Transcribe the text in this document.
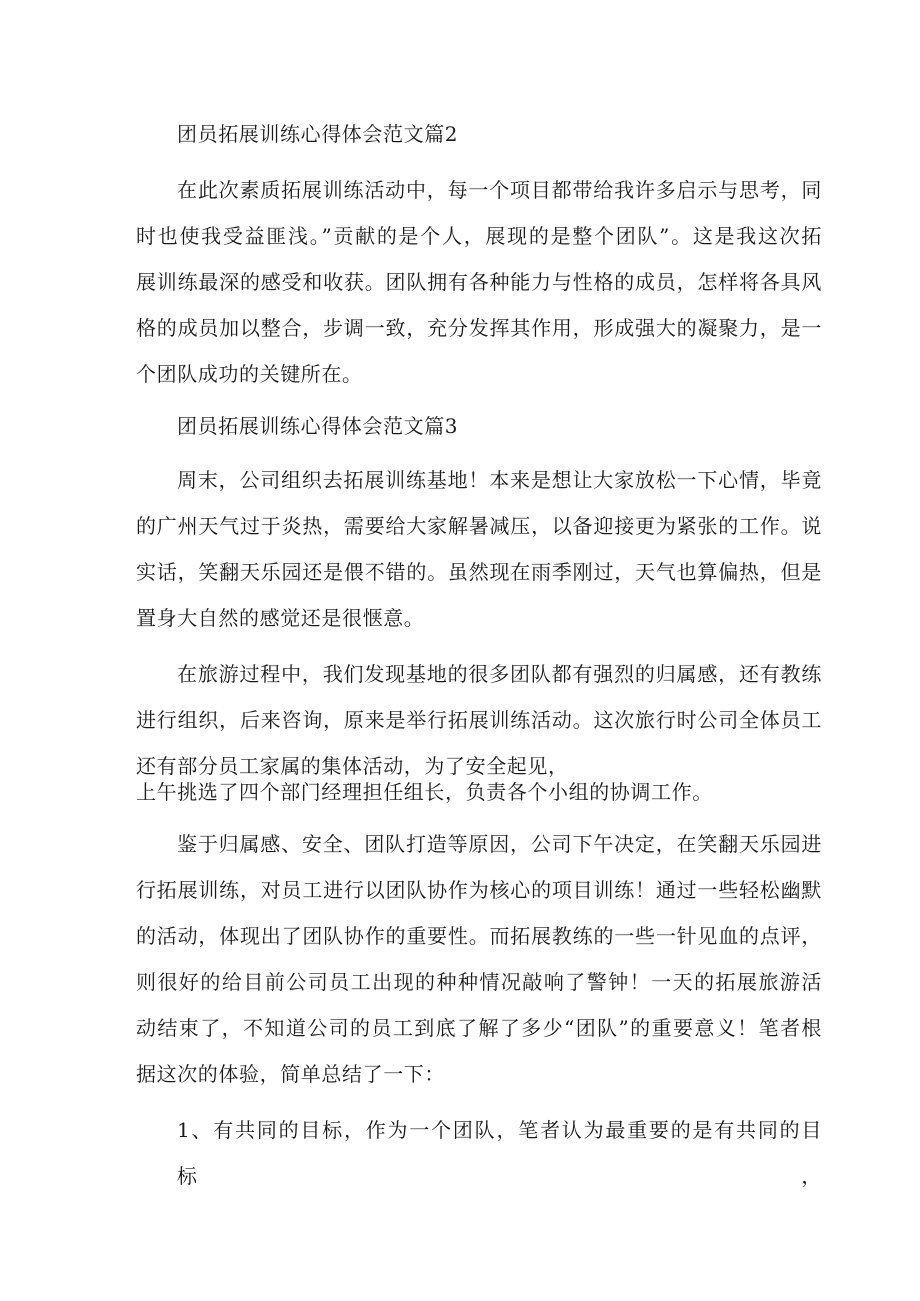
团员拓展训练心得体会范文篇2
在此次素质拓展训练活动中，每一个项目都带给我许多启示与思考，同
时也使我受益匪浅。”贡献的是个人，展现的是整个团队”。这是我这次拓
展训练最深的感受和收获。团队拥有各种能力与性格的成员，怎样将各具风
格的成员加以整合，步调一致，充分发挥其作用，形成强大的凝聚力，是一
个团队成功的关键所在。
团员拓展训练心得体会范文篇3
周末，公司组织去拓展训练基地！本来是想让大家放松一下心情，毕竟
的广州天气过于炎热，需要给大家解暑减压，以备迎接更为紧张的工作。说
实话，笑翻天乐园还是偎不错的。虽然现在雨季刚过，天气也算偏热，但是
置身大自然的感觉还是很惬意。
在旅游过程中，我们发现基地的很多团队都有强烈的归属感，还有教练
进行组织，后来咨询，原来是举行拓展训练活动。这次旅行时公司全体员工
还有部分员工家属的集体活动，为了安全起见，
上午挑选了四个部门经理担任组长，负责各个小组的协调工作。
鉴于归属感、安全、团队打造等原因，公司下午决定，在笑翻天乐园进
行拓展训练，对员工进行以团队协作为核心的项目训练！通过一些轻松幽默
的活动，体现出了团队协作的重要性。而拓展教练的一些一针见血的点评，
则很好的给目前公司员工出现的种种情况敲响了警钟！一天的拓展旅游活
动结束了，不知道公司的员工到底了解了多少“团队”的重要意义！笔者根
据这次的体验，简单总结了一下：
1、有共同的目标，作为一个团队，笔者认为最重要的是有共同的目标，
